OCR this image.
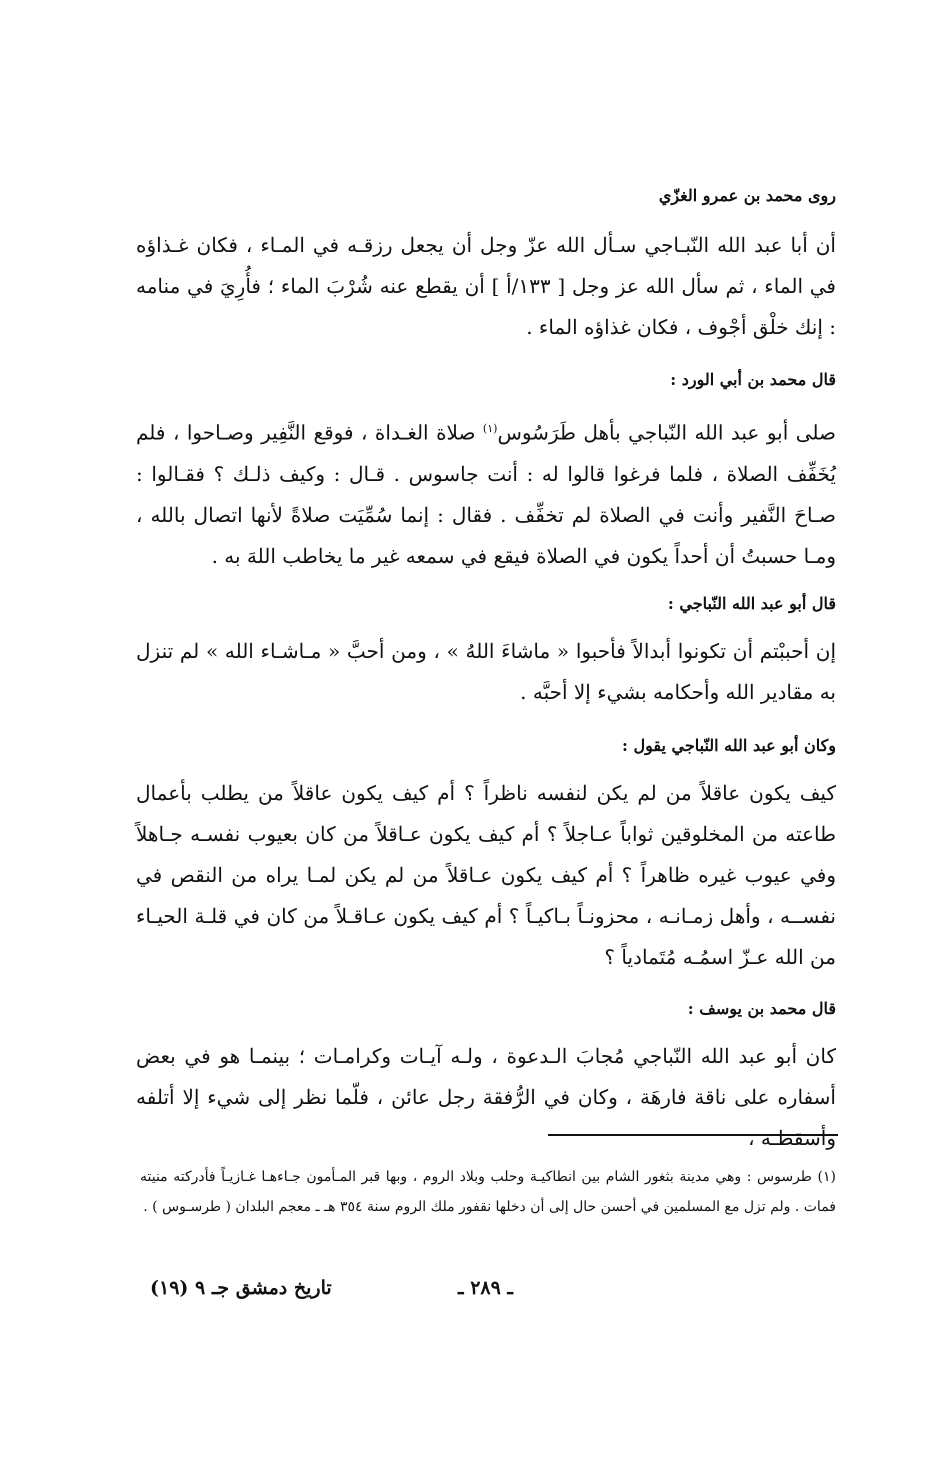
روى محمد بن عمرو الغزّي

أن أبا عبد الله النّبـاجي سـأل الله عزّ وجل أن يجعل رزقـه في المـاء ، فكان غـذاؤه في الماء ، ثم سأل الله عز وجل [ ١٣٣/أ ] أن يقطع عنه شُرْبَ الماء ؛ فأُرِيَ في منامه : إنك خلْق أجْوف ، فكان غذاؤه الماء .

قال محمد بن أبي الورد :

صلى أبو عبد الله النّباجي بأهل طَرَسُوس$^{(١)}$ صلاة الغـداة ، فوقع النَّفِير وصـاحوا ، فلم يُخَفِّف الصلاة ، فلما فرغوا قالوا له : أنت جاسوس . قـال : وكيف ذلـك ؟ فقـالوا : صـاحَ النَّفير وأنت في الصلاة لم تخفِّف . فقال : إنما سُمِّيَت صلاةً لأنها اتصال بالله ، ومـا حسبتُ أن أحداً يكون في الصلاة فيقع في سمعه غير ما يخاطب اللهَ به .

قال أبو عبد الله النّباجي :

إن أحببْتم أن تكونوا أبدالاً فأحبوا « ماشاءَ اللهُ » ، ومن أحبَّ « مـاشـاء الله » لم تنزل به مقادير الله وأحكامه بشيء إلا أحبَّه .

وكان أبو عبد الله النّباجي يقول :

كيف يكون عاقلاً من لم يكن لنفسه ناظراً ؟ أم كيف يكون عاقلاً من يطلب بأعمال طاعته من المخلوقين ثواباً عـاجلاً ؟ أم كيف يكون عـاقلاً من كان بعيوب نفسـه جـاهلاً وفي عيوب غيره ظاهراً ؟ أم كيف يكون عـاقلاً من لم يكن لمـا يراه من النقص في نفســه ، وأهل زمـانـه ، محزونـاً بـاكيـاً ؟ أم كيف يكون عـاقـلاً من كان في قلـة الحيـاء من الله عـزّ اسمُـه مُتَمادياً ؟

قال محمد بن يوسف :

كان أبو عبد الله النّباجي مُجابَ الـدعوة ، ولـه آيـات وكرامـات ؛ بينمـا هو في بعض أسفاره على ناقة فارهَة ، وكان في الرُّفقة رجل عائن ، فلّما نظر إلى شيء إلا أتلفه وأسقطـه ،

(١) طرسوس : وهي مدينة بثغور الشام بين انطاكيـة وحلب وبلاد الروم ، وبها قبر المـأمون جـاءهـا غـازيـاً فأدركته منيته فمات . ولم تزل مع المسلمين في أحسن حال إلى أن دخلها نقفور ملك الروم سنة ٣٥٤ هـ ـ معجم البلدان ( طرسـوس ) .

تاريخ دمشق جـ ٩ (١٩)	ـ ٢٨٩ ـ
